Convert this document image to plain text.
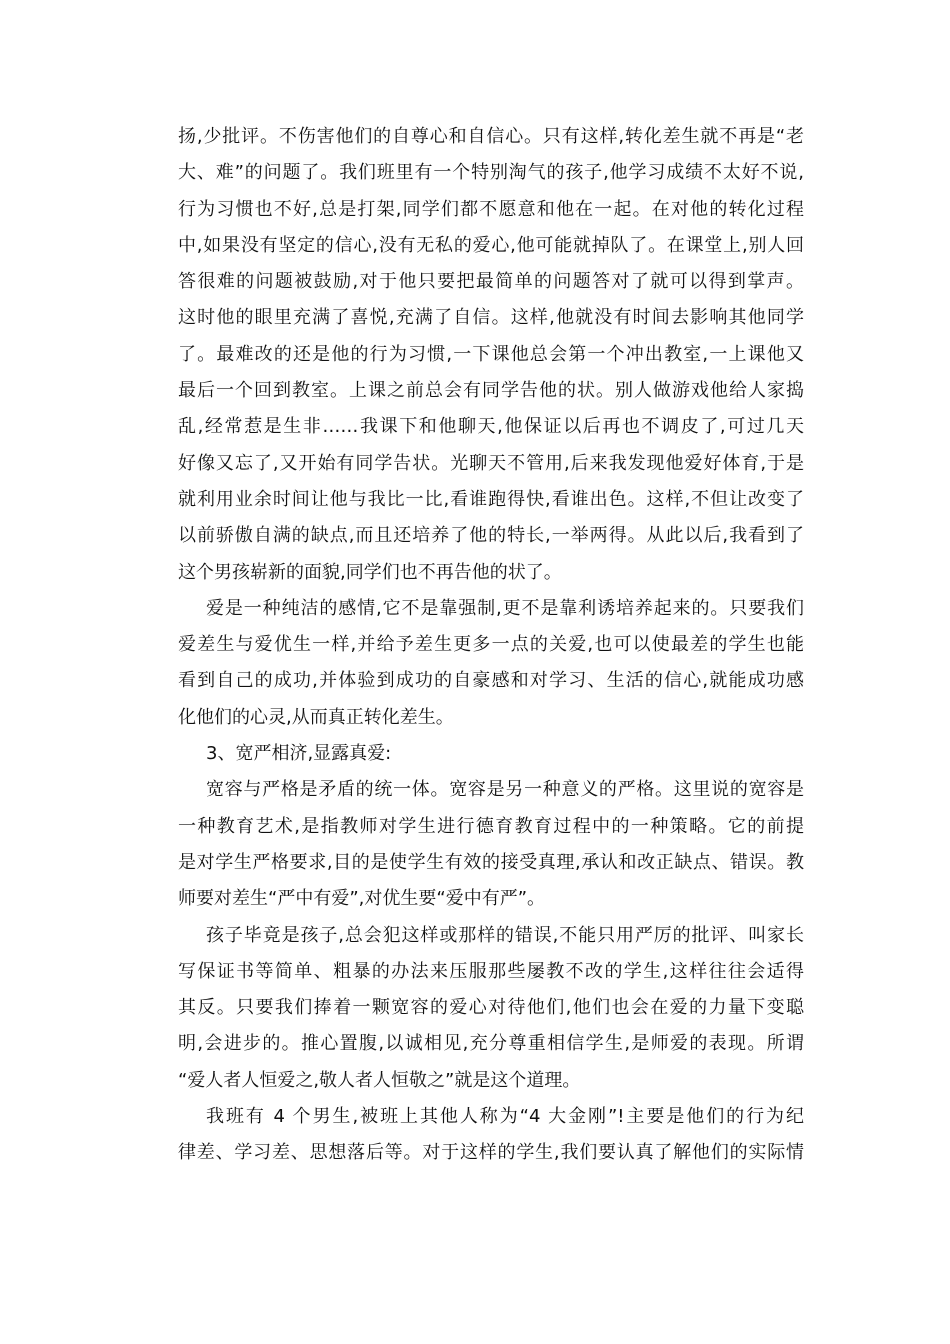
扬,少批评。不伤害他们的自尊心和自信心。只有这样,转化差生就不再是“老
大、难”的问题了。我们班里有一个特别淘气的孩子,他学习成绩不太好不说,
行为习惯也不好,总是打架,同学们都不愿意和他在一起。在对他的转化过程
中,如果没有坚定的信心,没有无私的爱心,他可能就掉队了。在课堂上,别人回
答很难的问题被鼓励,对于他只要把最简单的问题答对了就可以得到掌声。
这时他的眼里充满了喜悦,充满了自信。这样,他就没有时间去影响其他同学
了。最难改的还是他的行为习惯,一下课他总会第一个冲出教室,一上课他又
最后一个回到教室。上课之前总会有同学告他的状。别人做游戏他给人家捣
乱,经常惹是生非……我课下和他聊天,他保证以后再也不调皮了,可过几天
好像又忘了,又开始有同学告状。光聊天不管用,后来我发现他爱好体育,于是
就利用业余时间让他与我比一比,看谁跑得快,看谁出色。这样,不但让改变了
以前骄傲自满的缺点,而且还培养了他的特长,一举两得。从此以后,我看到了
这个男孩崭新的面貌,同学们也不再告他的状了。

爱是一种纯洁的感情,它不是靠强制,更不是靠利诱培养起来的。只要我们
爱差生与爱优生一样,并给予差生更多一点的关爱,也可以使最差的学生也能
看到自己的成功,并体验到成功的自豪感和对学习、生活的信心,就能成功感
化他们的心灵,从而真正转化差生。

3、宽严相济,显露真爱:

宽容与严格是矛盾的统一体。宽容是另一种意义的严格。这里说的宽容是
一种教育艺术,是指教师对学生进行德育教育过程中的一种策略。它的前提
是对学生严格要求,目的是使学生有效的接受真理,承认和改正缺点、错误。教
师要对差生“严中有爱”,对优生要“爱中有严”。

孩子毕竟是孩子,总会犯这样或那样的错误,不能只用严厉的批评、叫家长
写保证书等简单、粗暴的办法来压服那些屡教不改的学生,这样往往会适得
其反。只要我们捧着一颗宽容的爱心对待他们,他们也会在爱的力量下变聪
明,会进步的。推心置腹,以诚相见,充分尊重相信学生,是师爱的表现。所谓
“爱人者人恒爱之,敬人者人恒敬之”就是这个道理。

我班有 4 个男生,被班上其他人称为“4 大金刚”!主要是他们的行为纪
律差、学习差、思想落后等。对于这样的学生,我们要认真了解他们的实际情
